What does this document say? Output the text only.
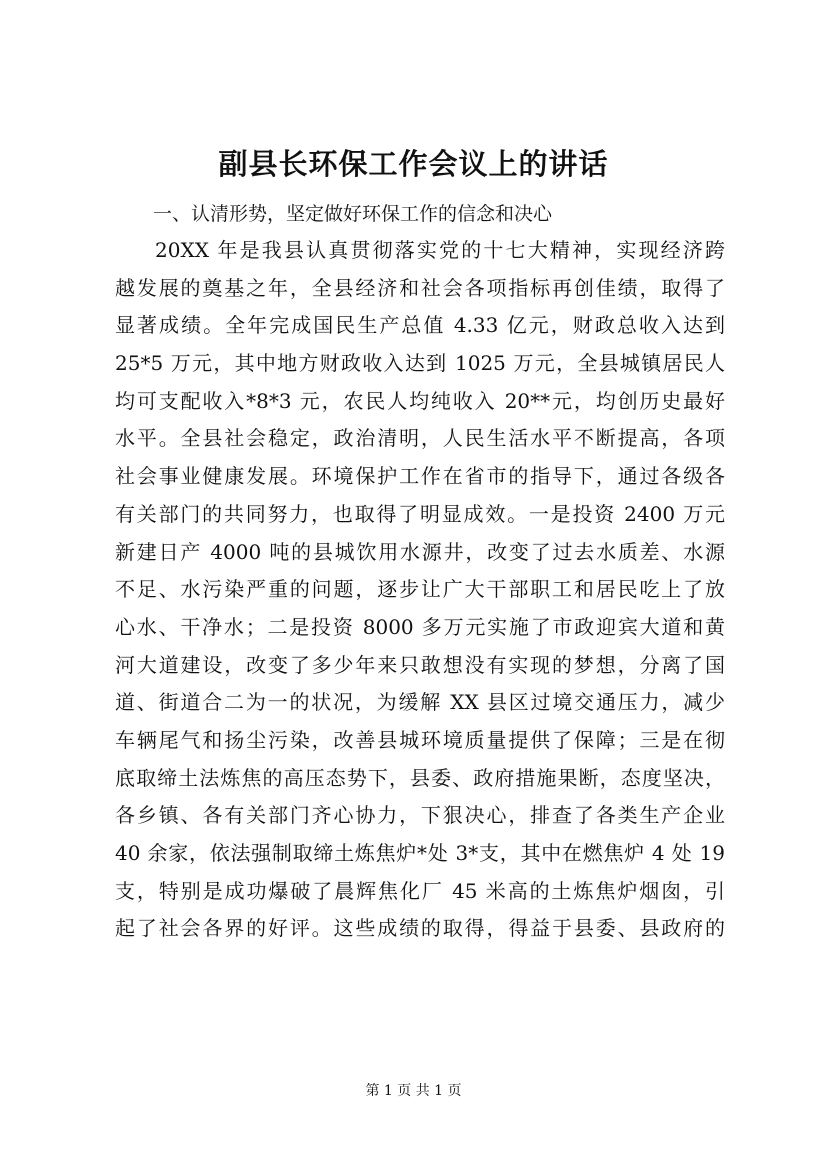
副县长环保工作会议上的讲话
一、认清形势，坚定做好环保工作的信念和决心
20XX 年是我县认真贯彻落实党的十七大精神，实现经济跨
越发展的奠基之年，全县经济和社会各项指标再创佳绩，取得了
显著成绩。全年完成国民生产总值 4.33 亿元，财政总收入达到
25*5 万元，其中地方财政收入达到 1025 万元，全县城镇居民人
均可支配收入*8*3 元，农民人均纯收入 20**元，均创历史最好
水平。全县社会稳定，政治清明，人民生活水平不断提高，各项
社会事业健康发展。环境保护工作在省市的指导下，通过各级各
有关部门的共同努力，也取得了明显成效。一是投资 2400 万元
新建日产 4000 吨的县城饮用水源井，改变了过去水质差、水源
不足、水污染严重的问题，逐步让广大干部职工和居民吃上了放
心水、干净水；二是投资 8000 多万元实施了市政迎宾大道和黄
河大道建设，改变了多少年来只敢想没有实现的梦想，分离了国
道、街道合二为一的状况，为缓解 XX 县区过境交通压力，减少
车辆尾气和扬尘污染，改善县城环境质量提供了保障；三是在彻
底取缔土法炼焦的高压态势下，县委、政府措施果断，态度坚决，
各乡镇、各有关部门齐心协力，下狠决心，排查了各类生产企业
40 余家，依法强制取缔土炼焦炉*处 3*支，其中在燃焦炉 4 处 19
支，特别是成功爆破了晨辉焦化厂 45 米高的土炼焦炉烟囱，引
起了社会各界的好评。这些成绩的取得，得益于县委、县政府的
第 1 页 共 1 页
